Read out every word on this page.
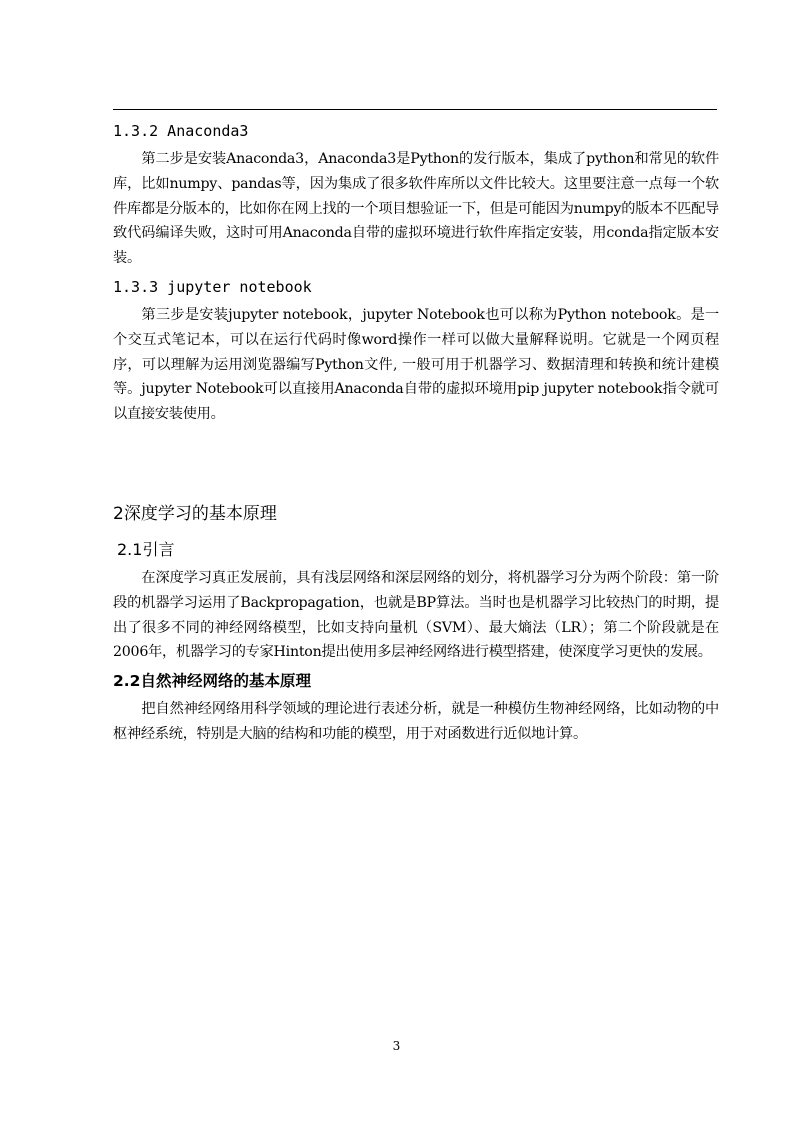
1.3.2 Anaconda3

第二步是安装Anaconda3，Anaconda3是Python的发行版本，集成了python和常见的软件库，比如numpy、pandas等，因为集成了很多软件库所以文件比较大。这里要注意一点每一个软件库都是分版本的，比如你在网上找的一个项目想验证一下，但是可能因为numpy的版本不匹配导致代码编译失败，这时可用Anaconda自带的虚拟环境进行软件库指定安装，用conda指定版本安装。

1.3.3 jupyter notebook

第三步是安装jupyter notebook，jupyter Notebook也可以称为Python notebook。是一个交互式笔记本，可以在运行代码时像word操作一样可以做大量解释说明。它就是一个网页程序，可以理解为运用浏览器编写Python文件, 一般可用于机器学习、数据清理和转换和统计建模等。jupyter Notebook可以直接用Anaconda自带的虚拟环境用pip jupyter notebook指令就可以直接安装使用。

2深度学习的基本原理

2.1引言

在深度学习真正发展前，具有浅层网络和深层网络的划分，将机器学习分为两个阶段：第一阶段的机器学习运用了Backpropagation，也就是BP算法。当时也是机器学习比较热门的时期，提出了很多不同的神经网络模型，比如支持向量机（SVM）、最大熵法（LR）；第二个阶段就是在2006年，机器学习的专家Hinton提出使用多层神经网络进行模型搭建，使深度学习更快的发展。

2.2自然神经网络的基本原理

把自然神经网络用科学领域的理论进行表述分析，就是一种模仿生物神经网络，比如动物的中枢神经系统，特别是大脑的结构和功能的模型，用于对函数进行近似地计算。

3
